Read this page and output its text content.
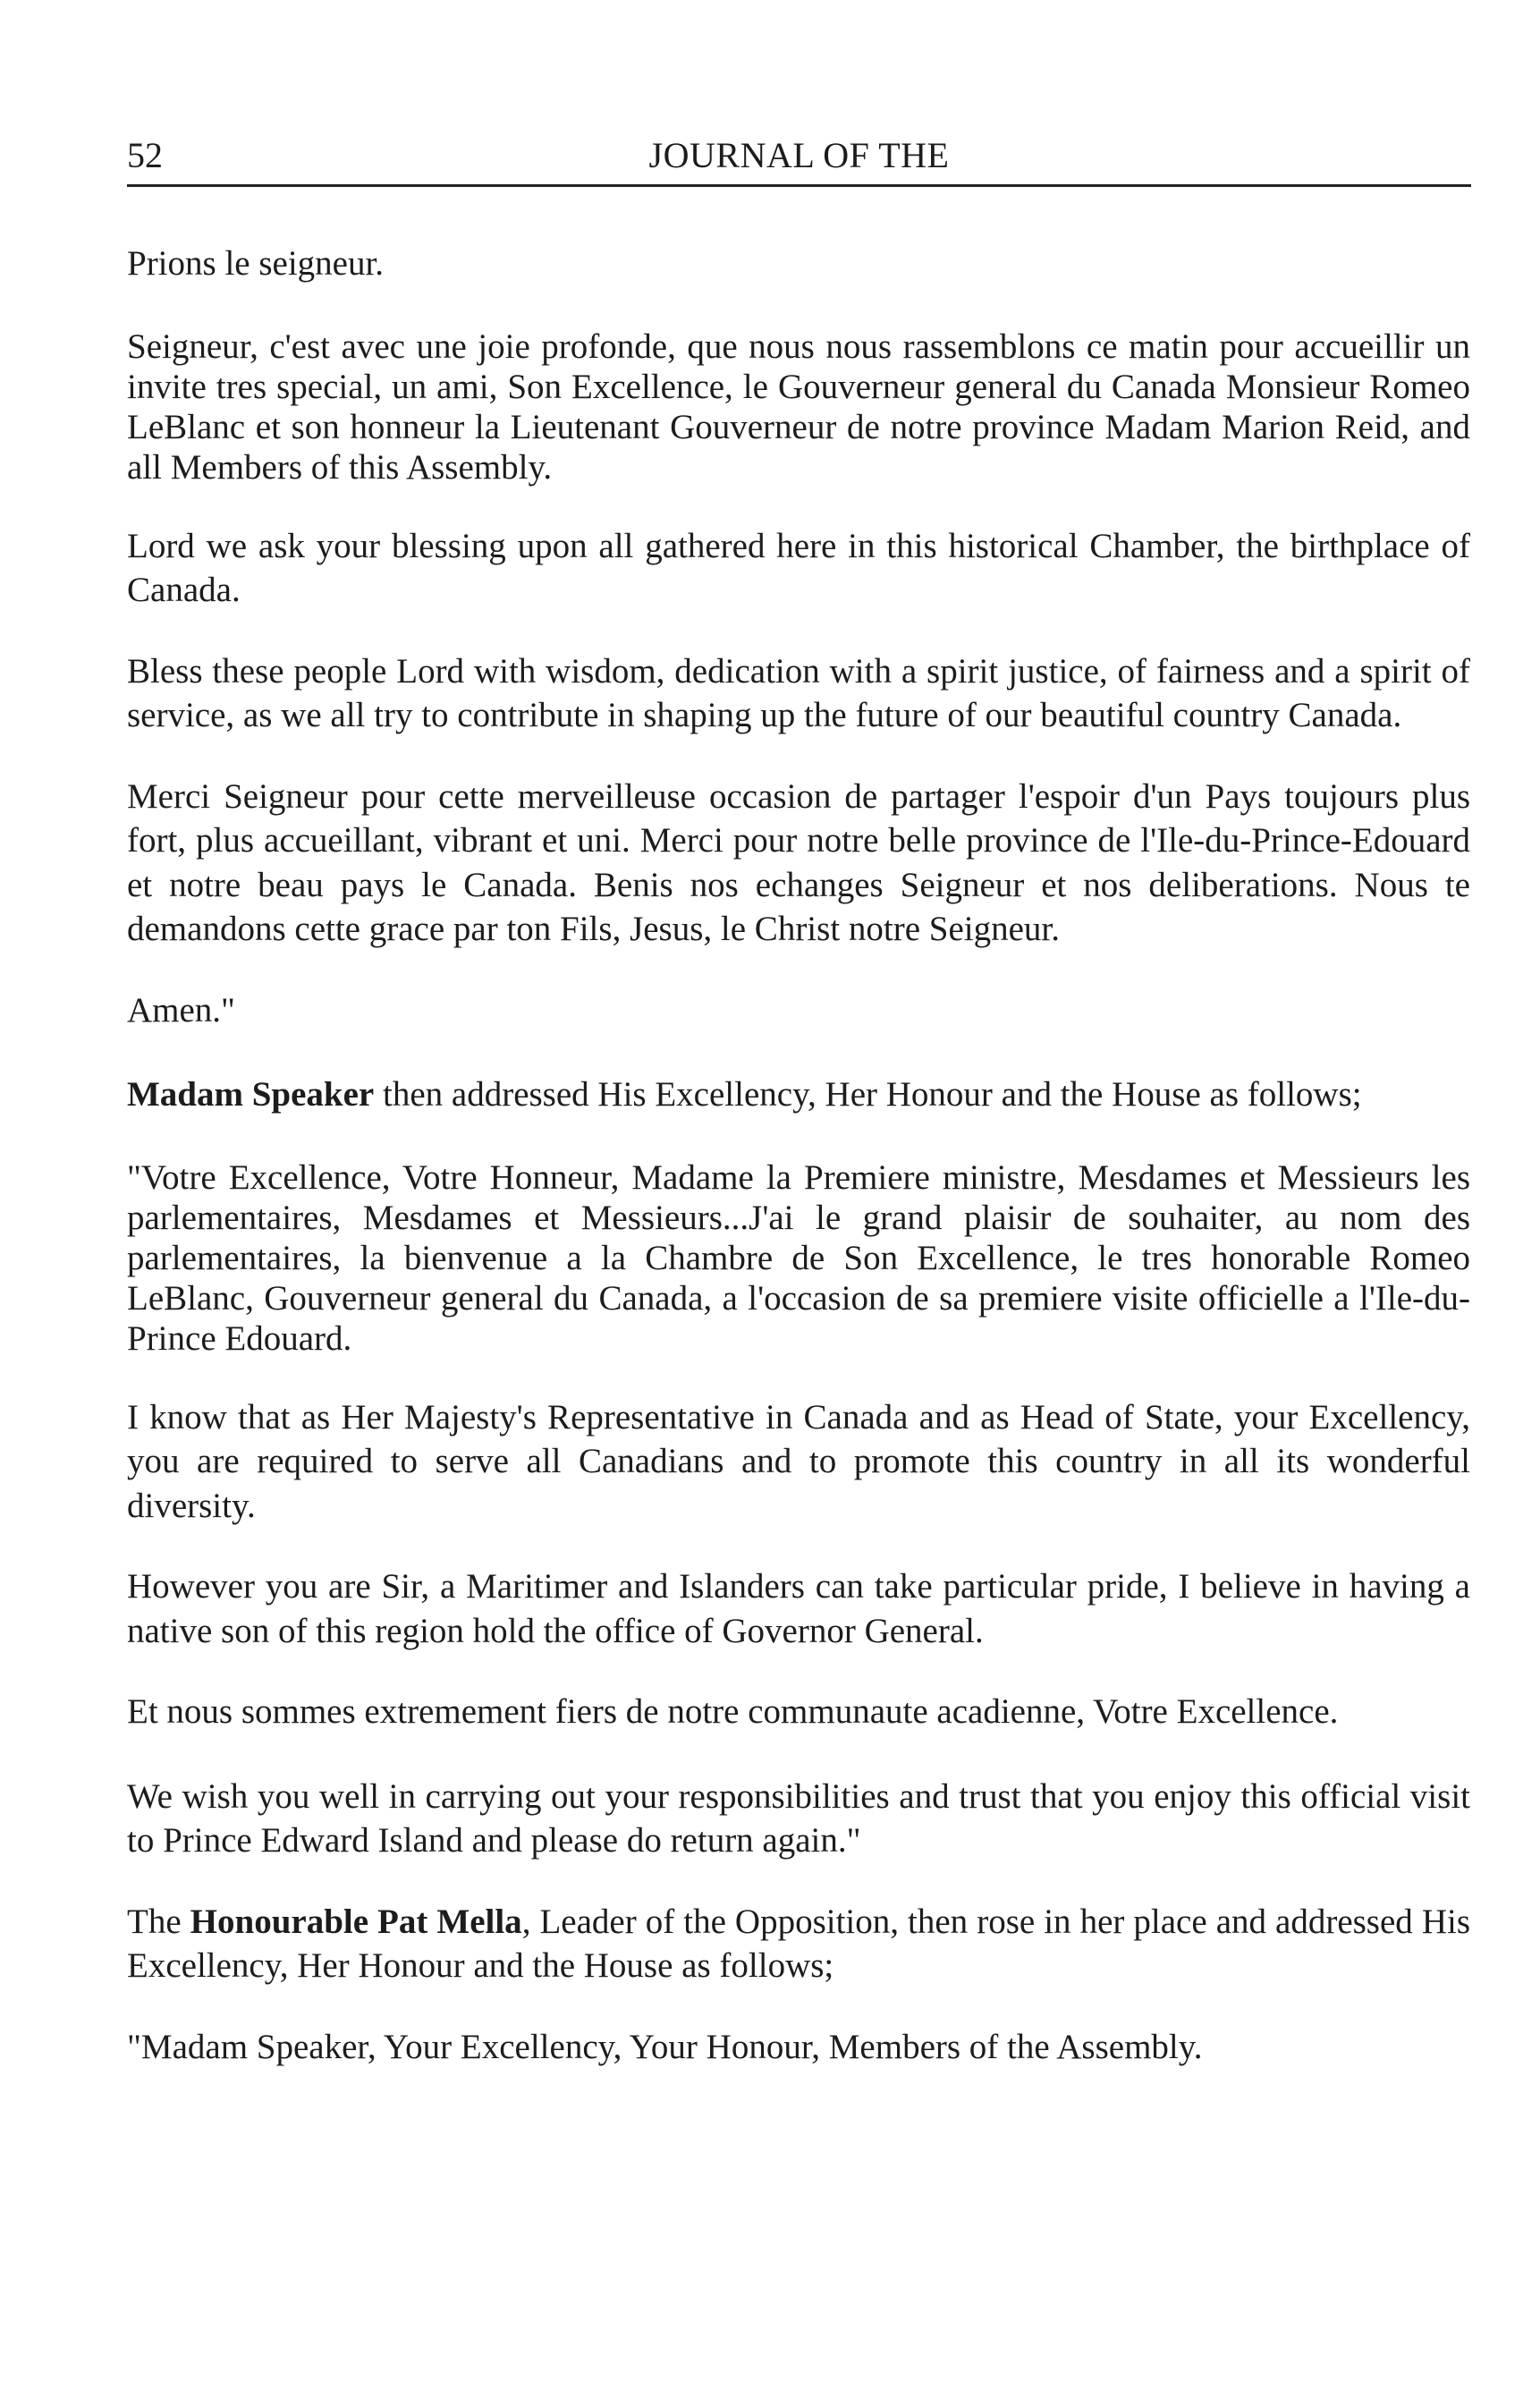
52	JOURNAL OF THE

Prions le seigneur.

Seigneur, c'est avec une joie profonde, que nous nous rassemblons ce matin pour accueillir un invite tres special, un ami, Son Excellence, le Gouverneur general du Canada Monsieur Romeo LeBlanc et son honneur la Lieutenant Gouverneur de notre province Madam Marion Reid, and all Members of this Assembly.

Lord we ask your blessing upon all gathered here in this historical Chamber, the birthplace of Canada.

Bless these people Lord with wisdom, dedication with a spirit justice, of fairness and a spirit of service, as we all try to contribute in shaping up the future of our beautiful country Canada.

Merci Seigneur pour cette merveilleuse occasion de partager l'espoir d'un Pays toujours plus fort, plus accueillant, vibrant et uni. Merci pour notre belle province de l'Ile-du-Prince-Edouard et notre beau pays le Canada. Benis nos echanges Seigneur et nos deliberations. Nous te demandons cette grace par ton Fils, Jesus, le Christ notre Seigneur.

Amen."

Madam Speaker then addressed His Excellency, Her Honour and the House as follows;

"Votre Excellence, Votre Honneur, Madame la Premiere ministre, Mesdames et Messieurs les parlementaires, Mesdames et Messieurs...J'ai le grand plaisir de souhaiter, au nom des parlementaires, la bienvenue a la Chambre de Son Excellence, le tres honorable Romeo LeBlanc, Gouverneur general du Canada, a l'occasion de sa premiere visite officielle a l'Ile-du-Prince Edouard.

I know that as Her Majesty's Representative in Canada and as Head of State, your Excellency, you are required to serve all Canadians and to promote this country in all its wonderful diversity.

However you are Sir, a Maritimer and Islanders can take particular pride, I believe in having a native son of this region hold the office of Governor General.

Et nous sommes extremement fiers de notre communaute acadienne, Votre Excellence.

We wish you well in carrying out your responsibilities and trust that you enjoy this official visit to Prince Edward Island and please do return again."

The Honourable Pat Mella, Leader of the Opposition, then rose in her place and addressed His Excellency, Her Honour and the House as follows;

"Madam Speaker, Your Excellency, Your Honour, Members of the Assembly.
